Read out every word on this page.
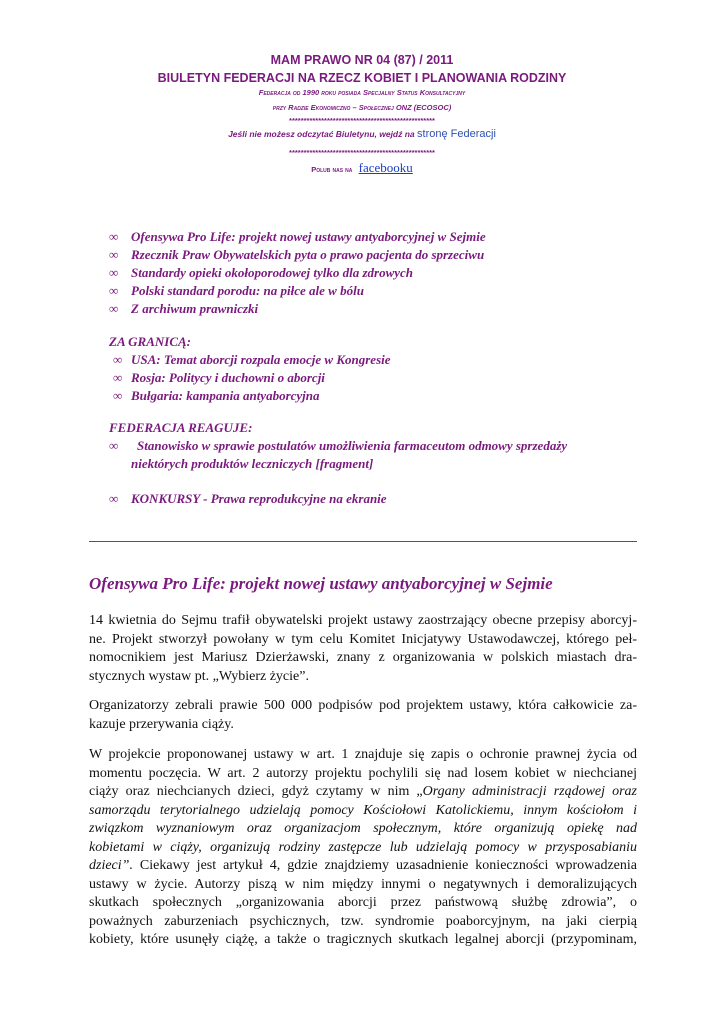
MAM PRAWO NR 04 (87) / 2011
BIULETYN FEDERACJI NA RZECZ KOBIET I PLANOWANIA RODZINY
Federacja od 1990 roku posiada Specjalny Status Konsultacyjny
przy Radzie Ekonomiczno – Społecznej ONZ (ECOSOC)
**************************************************
Jeśli nie możesz odczytać Biuletynu, wejdź na stronę Federacji
**************************************************
Polub nas na facebooku
∞ Ofensywa Pro Life: projekt nowej ustawy antyaborcyjnej w Sejmie
∞ Rzecznik Praw Obywatelskich pyta o prawo pacjenta do sprzeciwu
∞ Standardy opieki okołoporodowej tylko dla zdrowych
∞ Polski standard porodu: na piłce ale w bólu
∞ Z archiwum prawniczki
ZA GRANICĄ:
∞ USA: Temat aborcji rozpala emocje w Kongresie
∞ Rosja: Politycy i duchowni o aborcji
∞ Bułgaria: kampania antyaborcyjna
FEDERACJA REAGUJE:
∞ Stanowisko w sprawie postulatów umożliwienia farmaceutom odmowy sprzedaży
niektórych produktów leczniczych [fragment]
∞ KONKURSY - Prawa reprodukcyjne na ekranie
Ofensywa Pro Life: projekt nowej ustawy antyaborcyjnej w Sejmie
14 kwietnia do Sejmu trafił obywatelski projekt ustawy zaostrzający obecne przepisy aborcyj-
ne. Projekt stworzył powołany w tym celu Komitet Inicjatywy Ustawodawczej, którego peł-
nomocnikiem jest Mariusz Dzierżawski, znany z organizowania w polskich miastach dra-
stycznych wystaw pt. „Wybierz życie”.
Organizatorzy zebrali prawie 500 000 podpisów pod projektem ustawy, która całkowicie za-
kazuje przerywania ciąży.
W projekcie proponowanej ustawy w art. 1 znajduje się zapis o ochronie prawnej życia od
momentu poczęcia. W art. 2 autorzy projektu pochylili się nad losem kobiet w niechcianej
ciąży oraz niechcianych dzieci, gdyż czytamy w nim „Organy administracji rządowej oraz
samorządu terytorialnego udzielają pomocy Kościołowi Katolickiemu, innym kościołom i
związkom wyznaniowym oraz organizacjom społecznym, które organizują opiekę nad
kobietami w ciąży, organizują rodziny zastępcze lub udzielają pomocy w przysposabianiu
dzieci”. Ciekawy jest artykuł 4, gdzie znajdziemy uzasadnienie konieczności wprowadzenia
ustawy w życie. Autorzy piszą w nim między innymi o negatywnych i demoralizujących
skutkach społecznych „organizowania aborcji przez państwową służbę zdrowia”, o
poważnych zaburzeniach psychicznych, tzw. syndromie poaborcyjnym, na jaki cierpią
kobiety, które usunęły ciążę, a także o tragicznych skutkach legalnej aborcji (przypominam,
